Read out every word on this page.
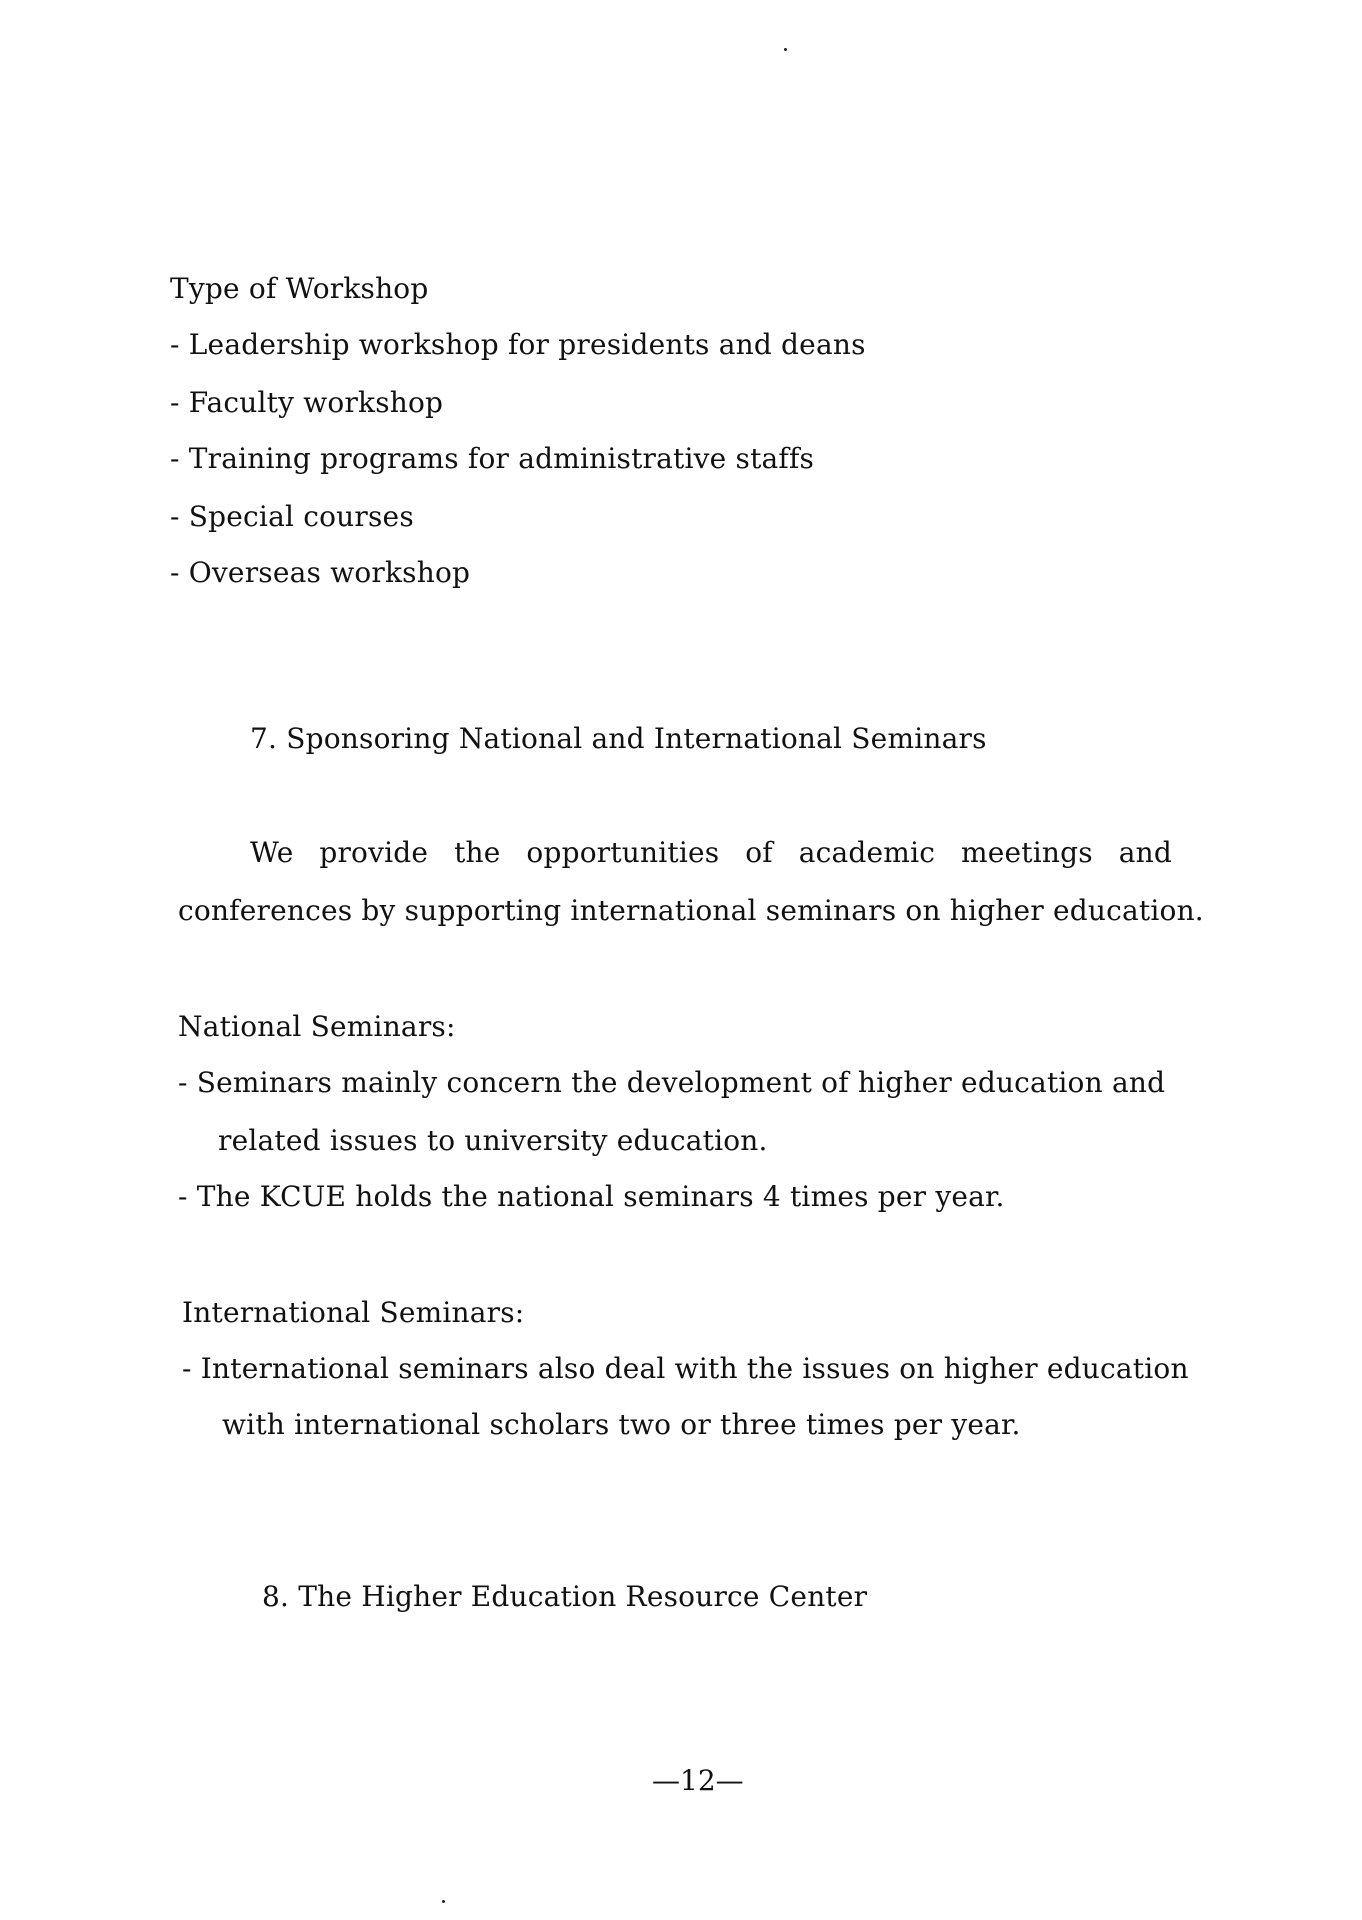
Type of Workshop
- Leadership workshop for presidents and deans
- Faculty workshop
- Training programs for administrative staffs
- Special courses
- Overseas workshop
7. Sponsoring National and International Seminars
We provide the opportunities of academic meetings and
conferences by supporting international seminars on higher education.
National Seminars:
- Seminars mainly concern the development of higher education and
related issues to university education.
- The KCUE holds the national seminars 4 times per year.
International Seminars:
- International seminars also deal with the issues on higher education
with international scholars two or three times per year.
8. The Higher Education Resource Center
—12—
